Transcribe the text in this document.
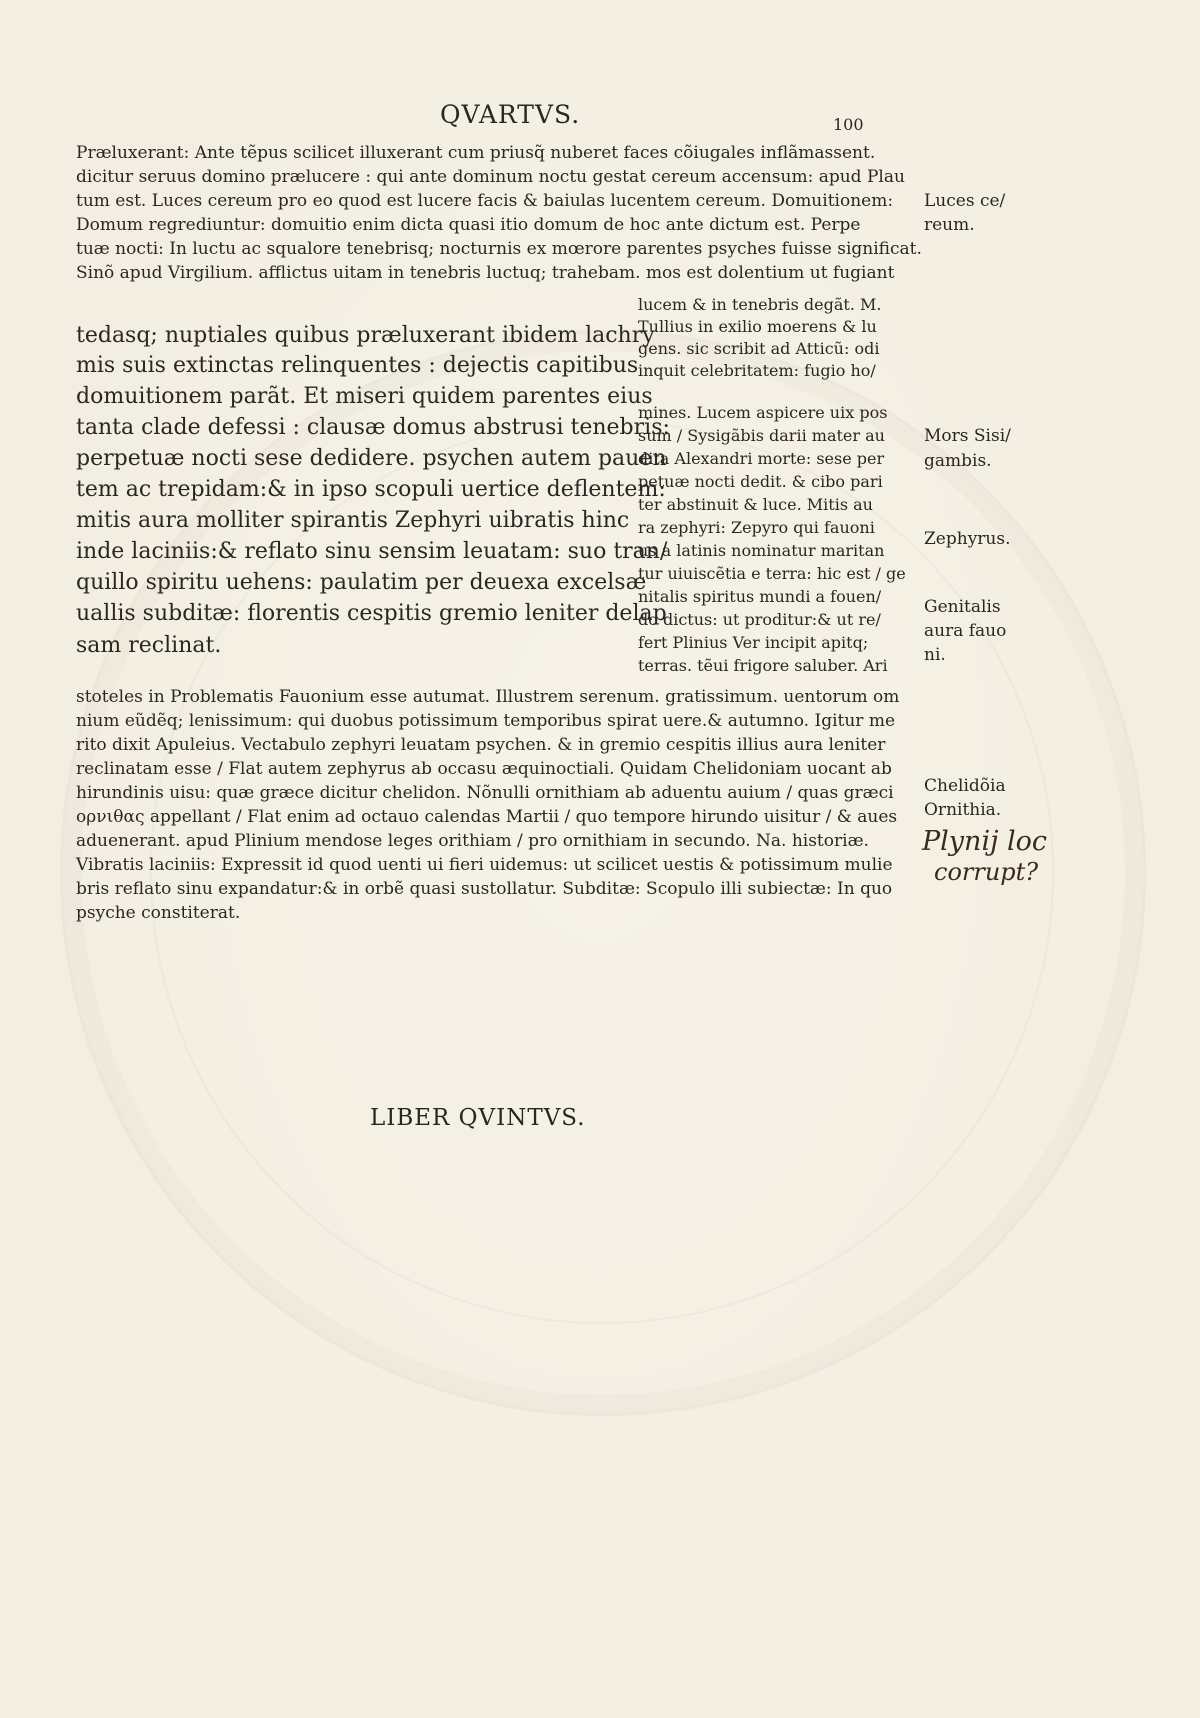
QVARTVS.	100
Præluxerant: Ante tẽpus scilicet illuxerant cum priusq̃ nuberet faces cõiugales inflãmassent.
dicitur seruus domino prælucere : qui ante dominum noctu gestat cereum accensum: apud Plau
tum est. Luces cereum pro eo quod est lucere facis & baiulas lucentem cereum. Domuitionem:
Domum regrediuntur: domuitio enim dicta quasi itio domum de hoc ante dictum est. Perpe
tuæ nocti: In luctu ac squalore tenebrisq; nocturnis ex mœrore parentes psyches fuisse significat.
Sinõ apud Virgilium. afflictus uitam in tenebris luctuq; trahebam. mos est dolentium ut fugiant
tedasq; nuptiales quibus præluxerant ibidem lachry
mis suis extinctas relinquentes : dejectis capitibus
domuitionem parãt. Et miseri quidem parentes eius
tanta clade defessi : clausæ domus abstrusi tenebris:
perpetuæ nocti sese dedidere. psychen autem pauen
tem ac trepidam:& in ipso scopuli uertice deflentem:
mitis aura molliter spirantis Zephyri uibratis hinc
inde laciniis:& reflato sinu sensim leuatam: suo tran/
quillo spiritu uehens: paulatim per deuexa excelsæ
uallis subditæ: florentis cespitis gremio leniter delap
sam reclinat.
lucem & in tenebris degãt. M.
Tullius in exilio moerens & lu
gens. sic scribit ad Atticũ: odi
inquit celebritatem: fugio ho/
mines. Lucem aspicere uix pos
sum / Sysigãbis darii mater au
dita Alexandri morte: sese per
petuæ nocti dedit. & cibo pari
ter abstinuit & luce. Mitis au
ra zephyri: Zepyro qui fauoni
us a latinis nominatur maritan
tur uiuiscẽtia e terra: hic est / ge
nitalis spiritus mundi a fouen/
do dictus: ut proditur:& ut re/
fert Plinius Ver incipit apitq;
terras. tẽui frigore saluber. Ari
stoteles in Problematis Fauonium esse autumat. Illustrem serenum. gratissimum. uentorum om
nium eũdẽq; lenissimum: qui duobus potissimum temporibus spirat uere.& autumno. Igitur me
rito dixit Apuleius. Vectabulo zephyri leuatam psychen. & in gremio cespitis illius aura leniter
reclinatam esse / Flat autem zephyrus ab occasu æquinoctiali. Quidam Chelidoniam uocant ab
hirundinis uisu: quæ græce dicitur chelidon. Nõnulli ornithiam ab aduentu auium / quas græci
ορνιθας appellant / Flat enim ad octauo calendas Martii / quo tempore hirundo uisitur / & aues
aduenerant. apud Plinium mendose leges orithiam / pro ornithiam in secundo. Na. historiæ.
Vibratis laciniis: Expressit id quod uenti ui fieri uidemus: ut scilicet uestis & potissimum mulie
bris reflato sinu expandatur:& in orbẽ quasi sustollatur. Subditæ: Scopulo illi subiectæ: In quo
psyche constiterat.
Luces ce/
reum.
Mors Sisi/
gambis.
Zephyrus.
Genitalis
aura fauo
ni.
Chelidõia
Ornithia.
Plynij loc
corrupt?
LIBER QVINTVS.
